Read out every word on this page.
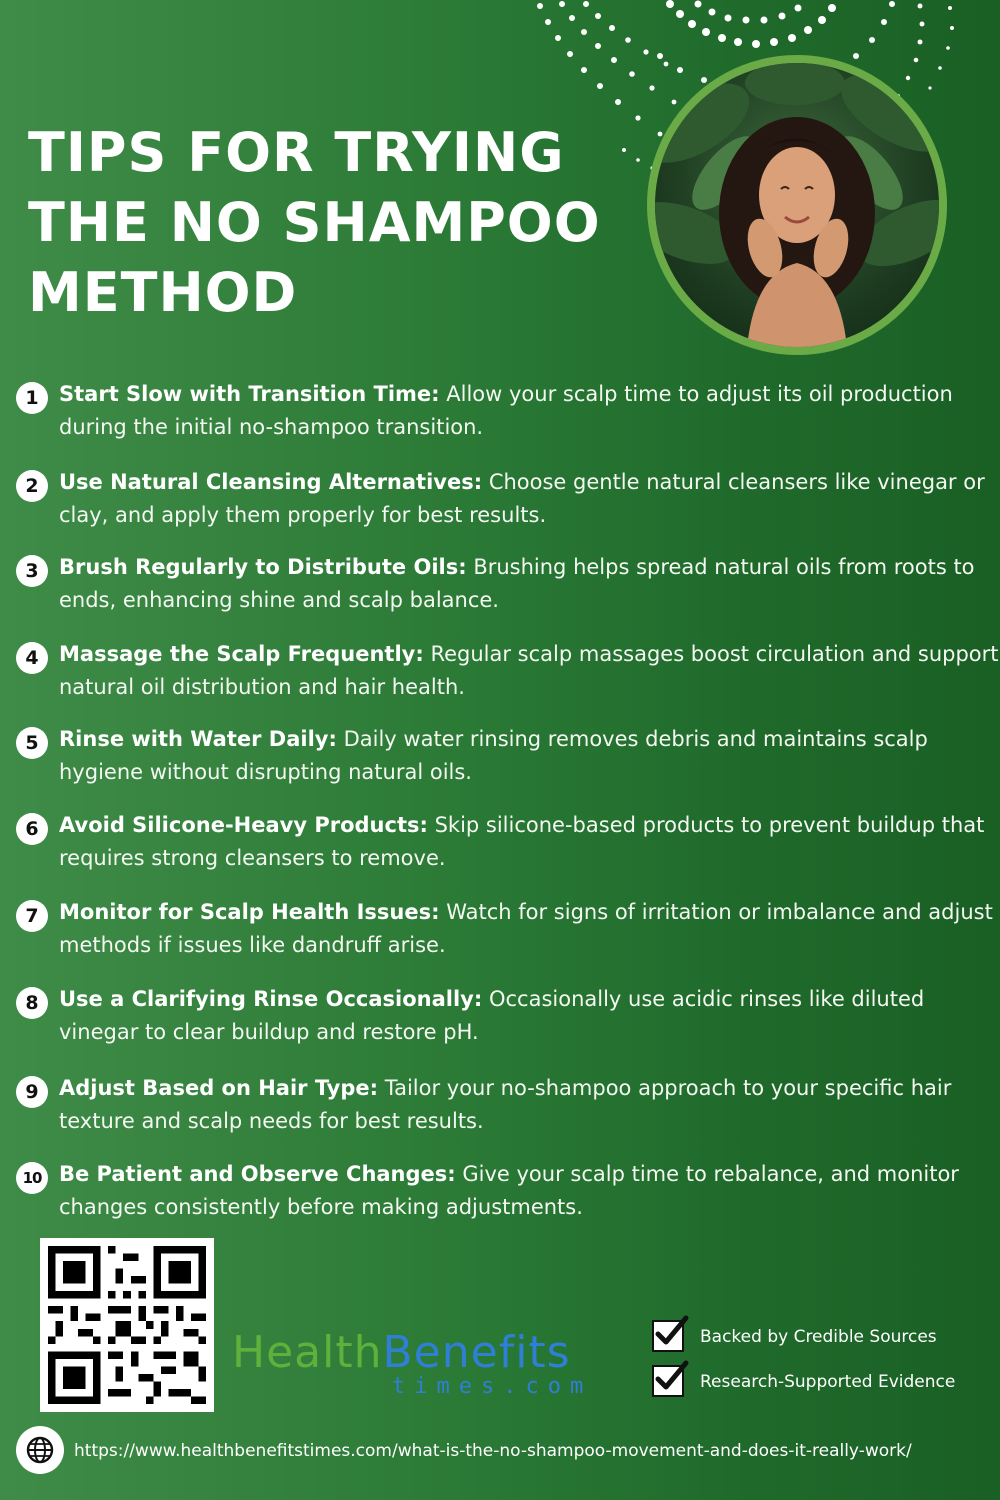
TIPS FOR TRYING
THE NO SHAMPOO
METHOD
1 Start Slow with Transition Time: Allow your scalp time to adjust its oil production during the initial no-shampoo transition.
2 Use Natural Cleansing Alternatives: Choose gentle natural cleansers like vinegar or clay, and apply them properly for best results.
3 Brush Regularly to Distribute Oils: Brushing helps spread natural oils from roots to ends, enhancing shine and scalp balance.
4 Massage the Scalp Frequently: Regular scalp massages boost circulation and support natural oil distribution and hair health.
5 Rinse with Water Daily: Daily water rinsing removes debris and maintains scalp hygiene without disrupting natural oils.
6 Avoid Silicone-Heavy Products: Skip silicone-based products to prevent buildup that requires strong cleansers to remove.
7 Monitor for Scalp Health Issues: Watch for signs of irritation or imbalance and adjust methods if issues like dandruff arise.
8 Use a Clarifying Rinse Occasionally: Occasionally use acidic rinses like diluted vinegar to clear buildup and restore pH.
9 Adjust Based on Hair Type: Tailor your no-shampoo approach to your specific hair texture and scalp needs for best results.
10 Be Patient and Observe Changes: Give your scalp time to rebalance, and monitor changes consistently before making adjustments.
HealthBenefits
times.com
Backed by Credible Sources
Research-Supported Evidence
https://www.healthbenefitstimes.com/what-is-the-no-shampoo-movement-and-does-it-really-work/
